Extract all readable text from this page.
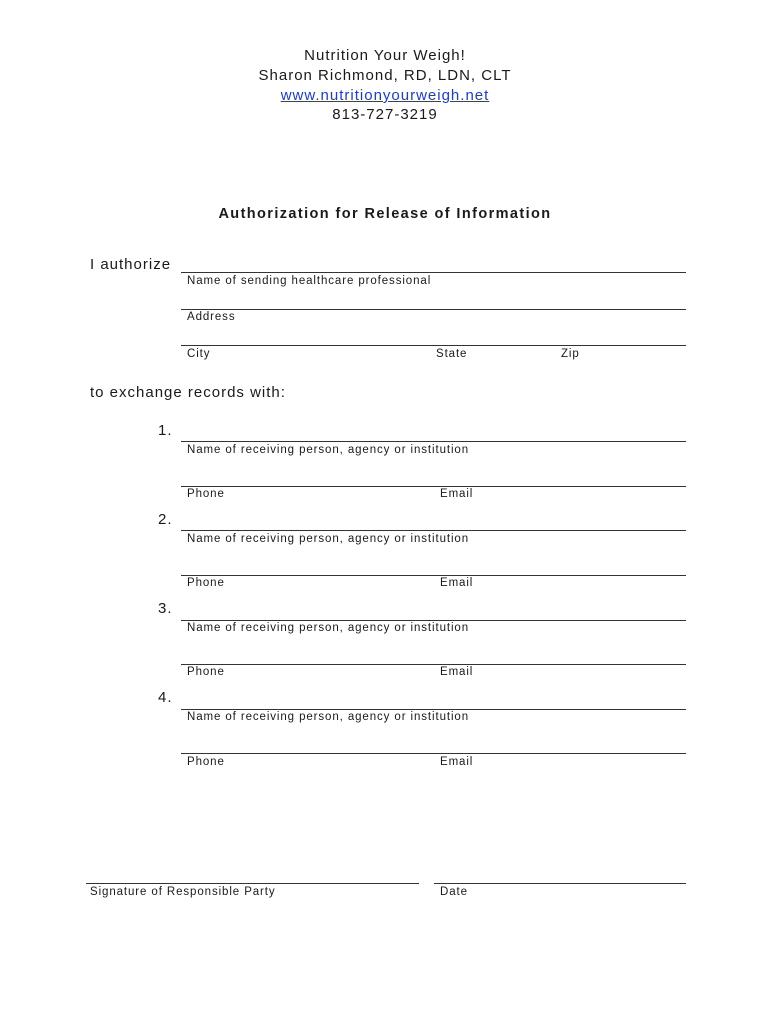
Nutrition Your Weigh!
Sharon Richmond, RD, LDN, CLT
www.nutritionyourweigh.net
813-727-3219
Authorization for Release of Information
I authorize
Name of sending healthcare professional
Address
City	State	Zip
to exchange records with:
1.
Name of receiving person, agency or institution
Phone	Email
2.
Name of receiving person, agency or institution
Phone	Email
3.
Name of receiving person, agency or institution
Phone	Email
4.
Name of receiving person, agency or institution
Phone	Email
Signature of Responsible Party	Date
